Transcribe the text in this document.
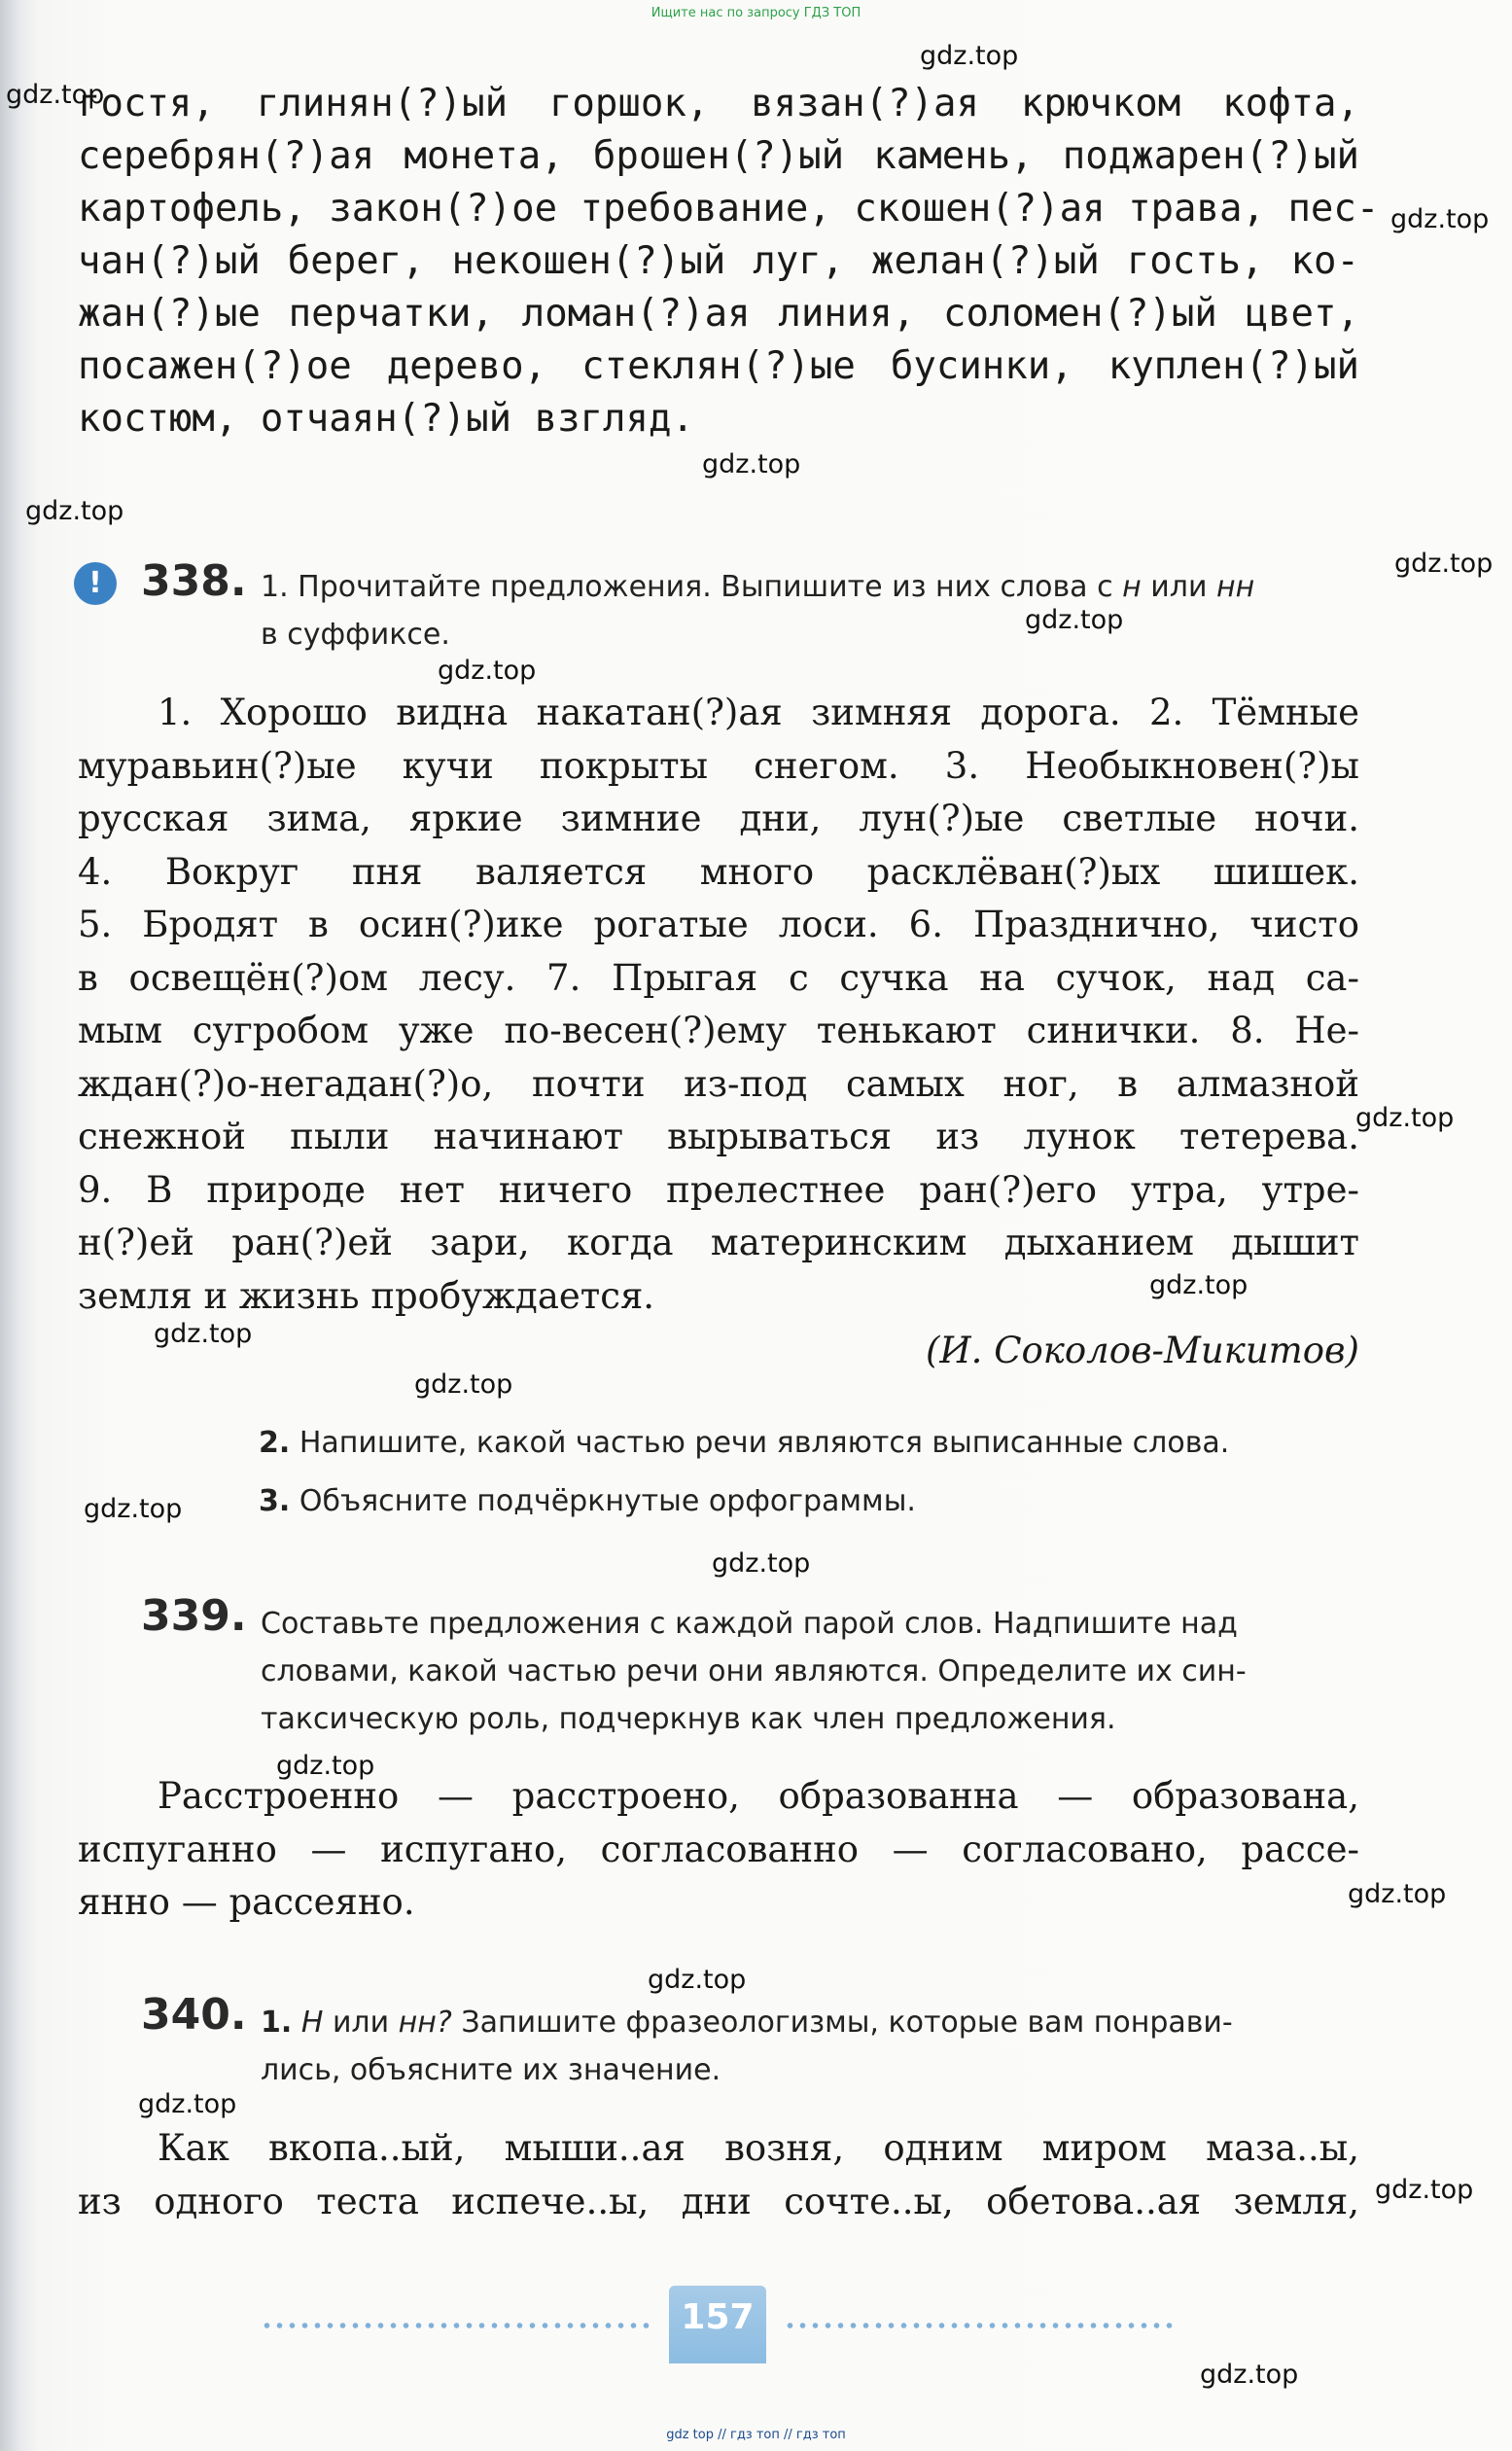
Ищите нас по запросу ГДЗ ТОП

гостя, глинян(?)ый горшок, вязан(?)ая крючком кофта,
серебрян(?)ая монета, брошен(?)ый камень, поджарен(?)ый
картофель, закон(?)ое требование, скошен(?)ая трава, пес-
чан(?)ый берег, некошен(?)ый луг, желан(?)ый гость, ко-
жан(?)ые перчатки, ломан(?)ая линия, соломен(?)ый цвет,
посажен(?)ое дерево, стеклян(?)ые бусинки, куплен(?)ый
костюм, отчаян(?)ый взгляд.
! 338. 1. Прочитайте предложения. Выпишите из них слова с н или нн
в суффиксе.
1. Хорошо видна накатан(?)ая зимняя дорога. 2. Тёмные
муравьин(?)ые кучи покрыты снегом. 3. Необыкновен(?)ы
русская зима, яркие зимние дни, лун(?)ые светлые ночи.
4. Вокруг пня валяется много расклёван(?)ых шишек.
5. Бродят в осин(?)ике рогатые лоси. 6. Празднично, чисто
в освещён(?)ом лесу. 7. Прыгая с сучка на сучок, над са-
мым сугробом уже по-весен(?)ему тенькают синички. 8. Не-
ждан(?)о-негадан(?)о, почти из-под самых ног, в алмазной
снежной пыли начинают вырываться из лунок тетерева.
9. В природе нет ничего прелестнее ран(?)его утра, утре-
н(?)ей ран(?)ей зари, когда материнским дыханием дышит
земля и жизнь пробуждается.
(И. Соколов-Микитов)
2. Напишите, какой частью речи являются выписанные слова.
3. Объясните подчёркнутые орфограммы.
339. Составьте предложения с каждой парой слов. Надпишите над
словами, какой частью речи они являются. Определите их син-
таксическую роль, подчеркнув как член предложения.
Расстроенно — расстроено, образованна — образована,
испуганно — испугано, согласованно — согласовано, рассе-
янно — рассеяно.
340. 1. Н или нн? Запишите фразеологизмы, которые вам понрави-
лись, объясните их значение.
Как вкопа..ый, мыши..ая возня, одним миром маза..ы,
из одного теста испече..ы, дни сочте..ы, обетова..ая земля,
157
gdz.top
gdz.top
gdz.top
gdz.top
gdz.top
gdz.top
gdz.top
gdz.top
gdz.top
gdz.top
gdz.top
gdz.top
gdz.top
gdz.top
gdz.top
gdz.top
gdz.top
gdz.top
gdz.top
gdz.top
gdz top // гдз топ // гдз топ
